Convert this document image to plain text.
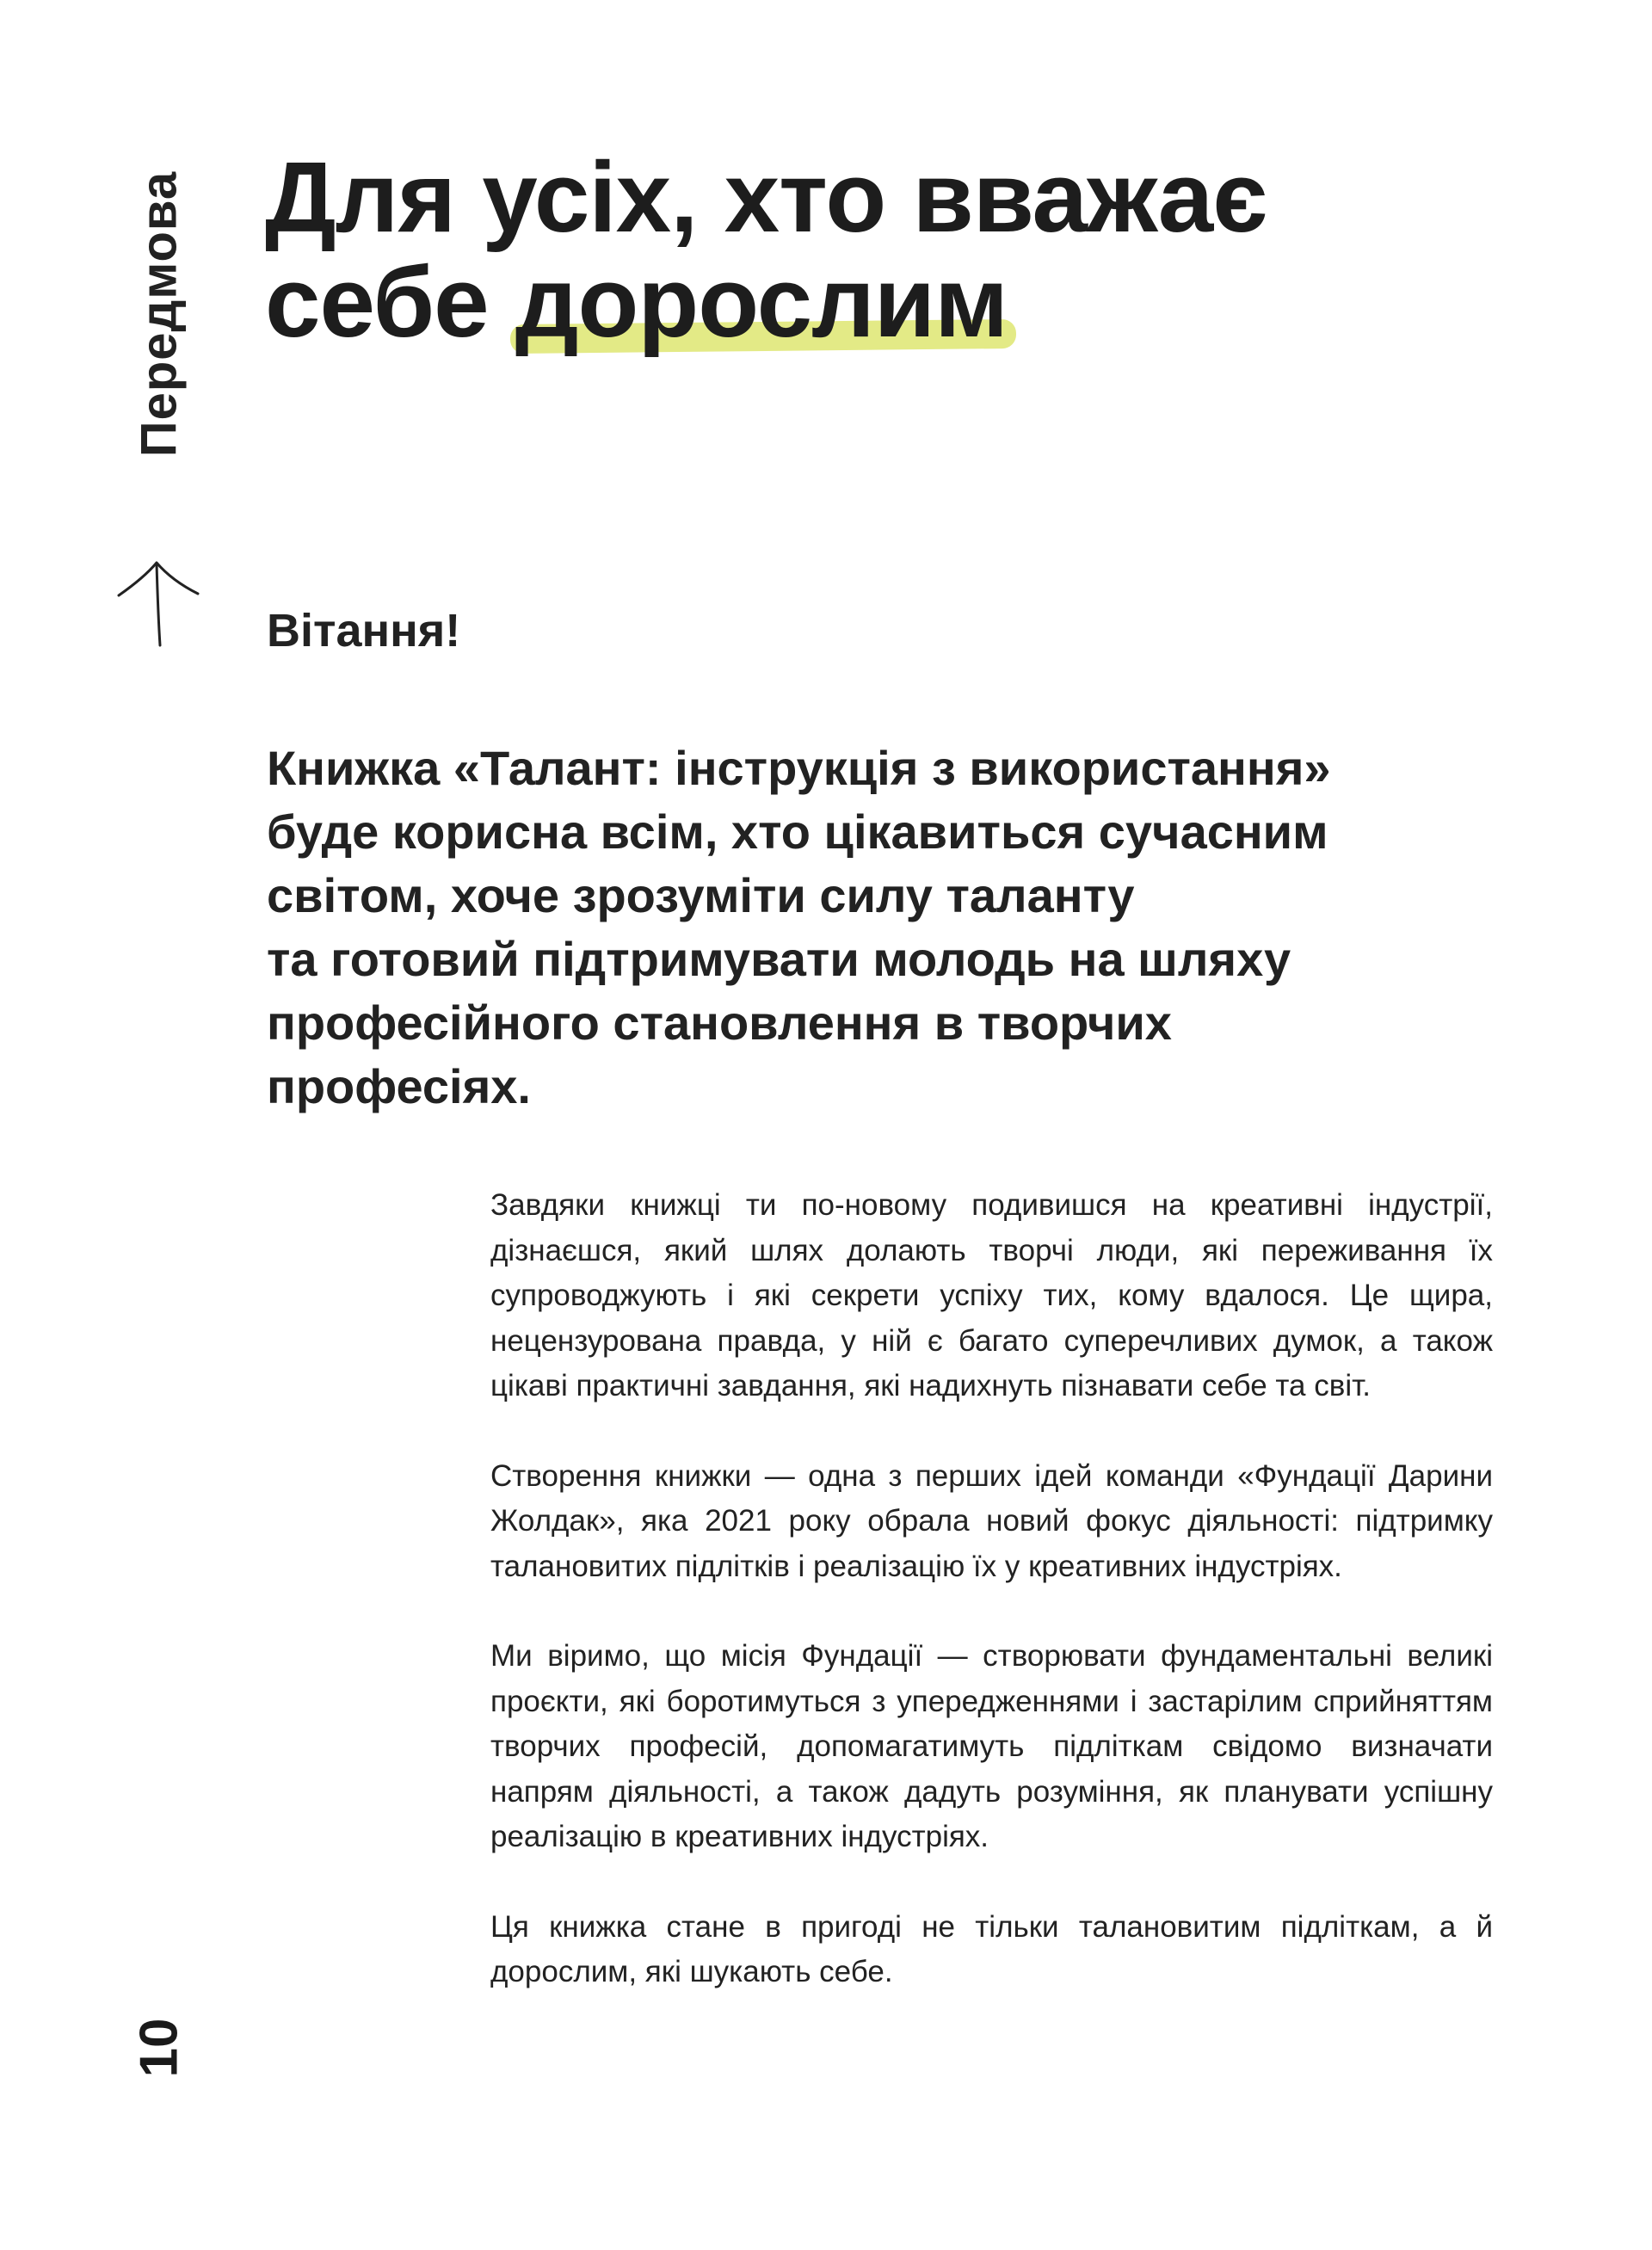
Передмова Для усіх, хто вважає
себе дорослим
Вітання!
Книжка «Талант: інструкція з використання»
буде корисна всім, хто цікавиться сучасним
світом, хоче зрозуміти силу таланту
та готовий підтримувати молодь на шляху
професійного становлення в творчих
професіях.

Завдяки книжці ти по-новому подивишся на креативні індустрії, дізнаєшся, який шлях долають творчі люди, які переживання їх супроводжують і які секрети успіху тих, кому вдалося. Це щира, нецензурована правда, у ній є багато суперечливих думок, а також цікаві практичні завдання, які надихнуть пізнавати себе та світ.

Створення книжки — одна з перших ідей команди «Фундації Дарини Жолдак», яка 2021 року обрала новий фокус діяльності: підтримку талановитих підлітків і реалізацію їх у креативних індустріях.

Ми віримо, що місія Фундації — створювати фундаментальні великі проєкти, які боротимуться з упередженнями і застарілим сприйняттям творчих професій, допомагатимуть підліткам свідомо визначати напрям діяльності, а також дадуть розуміння, як планувати успішну реалізацію в креативних індустріях.

Ця книжка стане в пригоді не тільки талановитим підліткам, а й дорослим, які шукають себе.

10
